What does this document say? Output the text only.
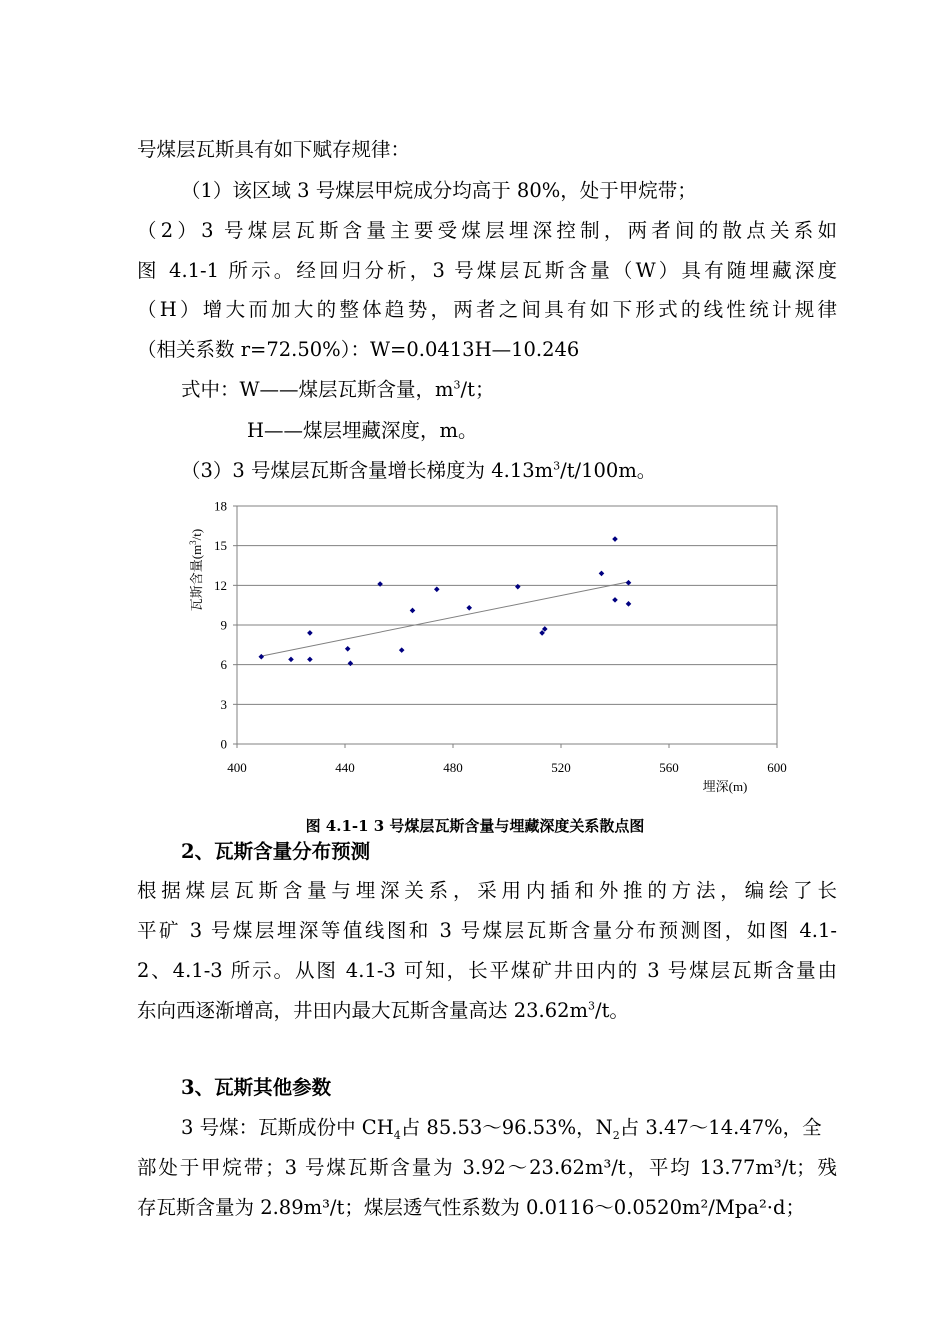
号煤层瓦斯具有如下赋存规律：
（1）该区域 3 号煤层甲烷成分均高于 80%，处于甲烷带；
（2）3 号煤层瓦斯含量主要受煤层埋深控制，两者间的散点关系如
图 4.1-1 所示。经回归分析，3 号煤层瓦斯含量（W）具有随埋藏深度
（H）增大而加大的整体趋势，两者之间具有如下形式的线性统计规律
（相关系数 r=72.50%）：W=0.0413H—10.246
式中：W——煤层瓦斯含量，$m^3/t$；
H——煤层埋藏深度，m。
（3）3 号煤层瓦斯含量增长梯度为 $4.13m^3/t/100m$。
0
3
6
9
12
15
18
400	440	480	520	560	600
埋深(m)
瓦斯含量$(m^3/t)$
图 4.1-1 3 号煤层瓦斯含量与埋藏深度关系散点图
2、瓦斯含量分布预测
根据煤层瓦斯含量与埋深关系，采用内插和外推的方法，编绘了长
平矿 3 号煤层埋深等值线图和 3 号煤层瓦斯含量分布预测图，如图 4.1-
2、4.1-3 所示。从图 4.1-3 可知，长平煤矿井田内的 3 号煤层瓦斯含量由
东向西逐渐增高，井田内最大瓦斯含量高达 $23.62m^3/t$。
3、瓦斯其他参数
3 号煤：瓦斯成份中 $CH_4$占 85.53～96.53%，$N_2$占 3.47～14.47%，全
部处于甲烷带；3 号煤瓦斯含量为 3.92～23.62m³/t，平均 13.77m³/t；残
存瓦斯含量为 2.89m³/t；煤层透气性系数为 0.0116～0.0520m²/Mpa²·d；
